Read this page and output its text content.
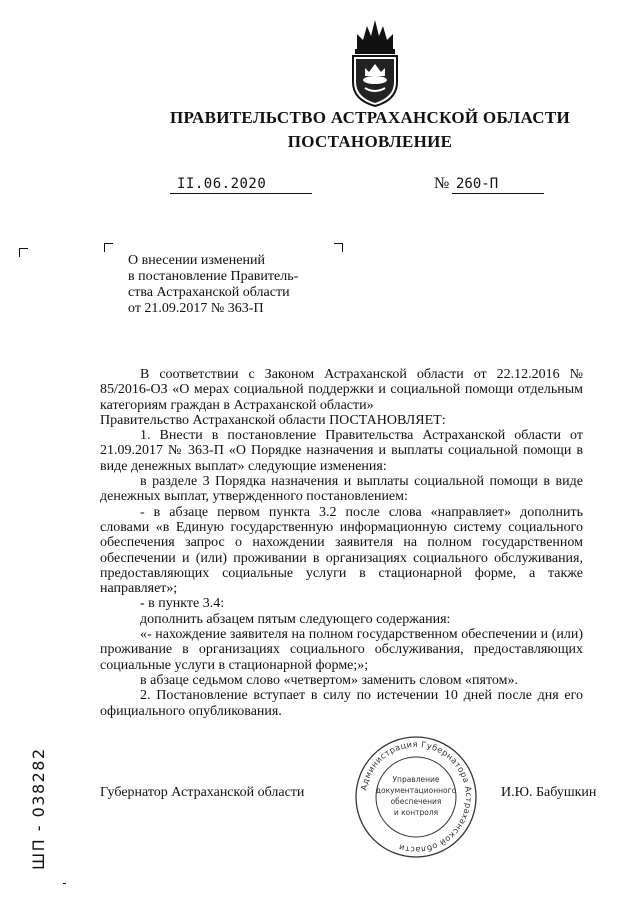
ПРАВИТЕЛЬСТВО АСТРАХАНСКОЙ ОБЛАСТИ
ПОСТАНОВЛЕНИЕ
II.06.2020	№ 260-П
О внесении изменений
в постановление Правитель-
ства Астраханской области
от 21.09.2017 № 363-П

В соответствии с Законом Астраханской области от 22.12.2016 № 85/2016-ОЗ «О мерах социальной поддержки и социальной помощи отдельным категориям граждан в Астраханской области»

Правительство Астраханской области ПОСТАНОВЛЯЕТ:

1. Внести в постановление Правительства Астраханской области от 21.09.2017 № 363-П «О Порядке назначения и выплаты социальной помощи в виде денежных выплат» следующие изменения:

в разделе 3 Порядка назначения и выплаты социальной помощи в виде денежных выплат, утвержденного постановлением:

- в абзаце первом пункта 3.2 после слова «направляет» дополнить словами «в Единую государственную информационную систему социального обеспечения запрос о нахождении заявителя на полном государственном обеспечении и (или) проживании в организациях социального обслуживания, предоставляющих социальные услуги в стационарной форме, а также направляет»;

- в пункте 3.4:

дополнить абзацем пятым следующего содержания:

«- нахождение заявителя на полном государственном обеспечении и (или) проживание в организациях социального обслуживания, предоставляющих социальные услуги в стационарной форме;»;

в абзаце седьмом слово «четвертом» заменить словом «пятом».

2. Постановление вступает в силу по истечении 10 дней после дня его официального опубликования.

Губернатор Астраханской области	И.Ю. Бабушкин
Администрация Губернатора Астраханской области
Управление
документационного
обеспечения
и контроля
ШП - 038282
